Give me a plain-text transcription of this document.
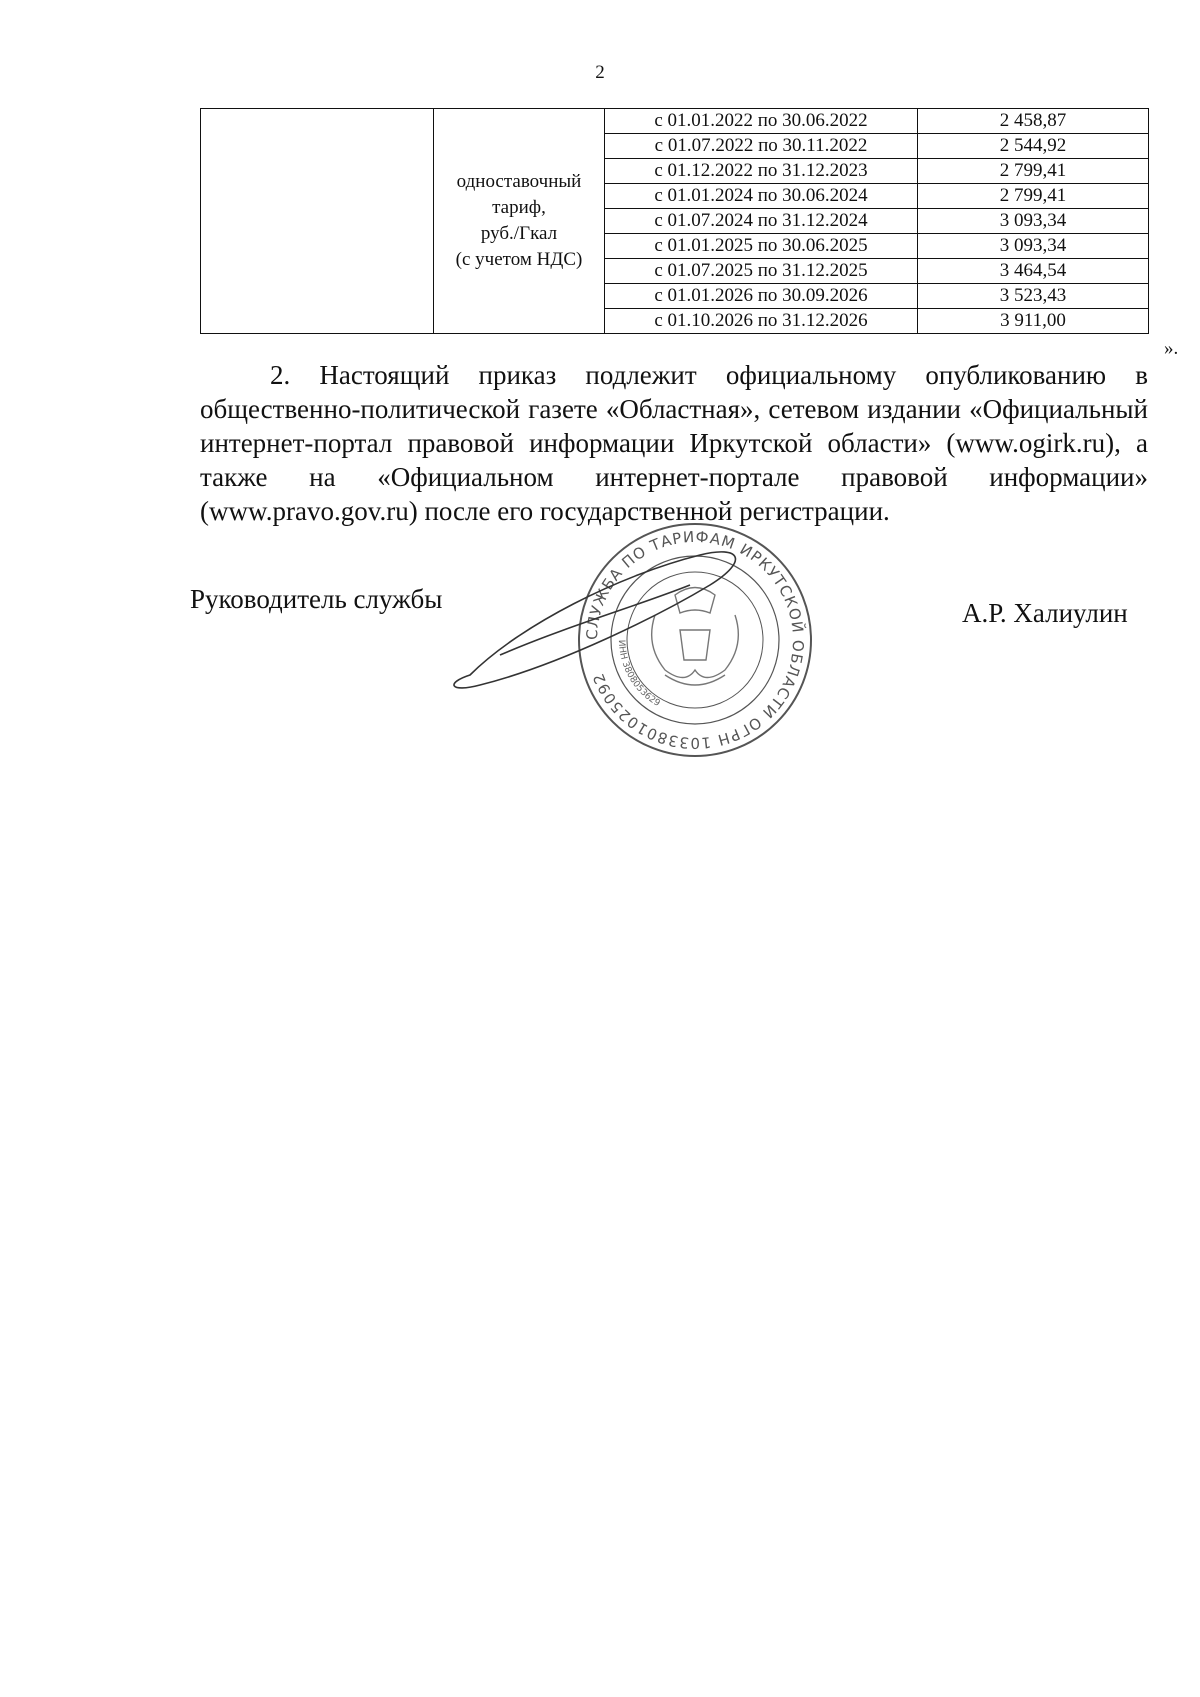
2

	одноставочный
тариф,
руб./Гкал
(с учетом НДС)	с 01.01.2022 по 30.06.2022	2 458,87
		с 01.07.2022 по 30.11.2022	2 544,92
		с 01.12.2022 по 31.12.2023	2 799,41
		с 01.01.2024 по 30.06.2024	2 799,41
		с 01.07.2024 по 31.12.2024	3 093,34
		с 01.01.2025 по 30.06.2025	3 093,34
		с 01.07.2025 по 31.12.2025	3 464,54
		с 01.01.2026 по 30.09.2026	3 523,43
		с 01.10.2026 по 31.12.2026	3 911,00
».

2. Настоящий приказ подлежит официальному опубликованию в общественно-политической газете «Областная», сетевом издании «Официальный интернет-портал правовой информации Иркутской области» (www.ogirk.ru), а также на «Официальном интернет-портале правовой информации» (www.pravo.gov.ru) после его государственной регистрации.

СЛУЖБА ПО ТАРИФАМ ИРКУТСКОЙ ОБЛАСТИ ОГРН 1033801025092
ИНН 3808053629
Руководитель службы	А.Р. Халиулин
